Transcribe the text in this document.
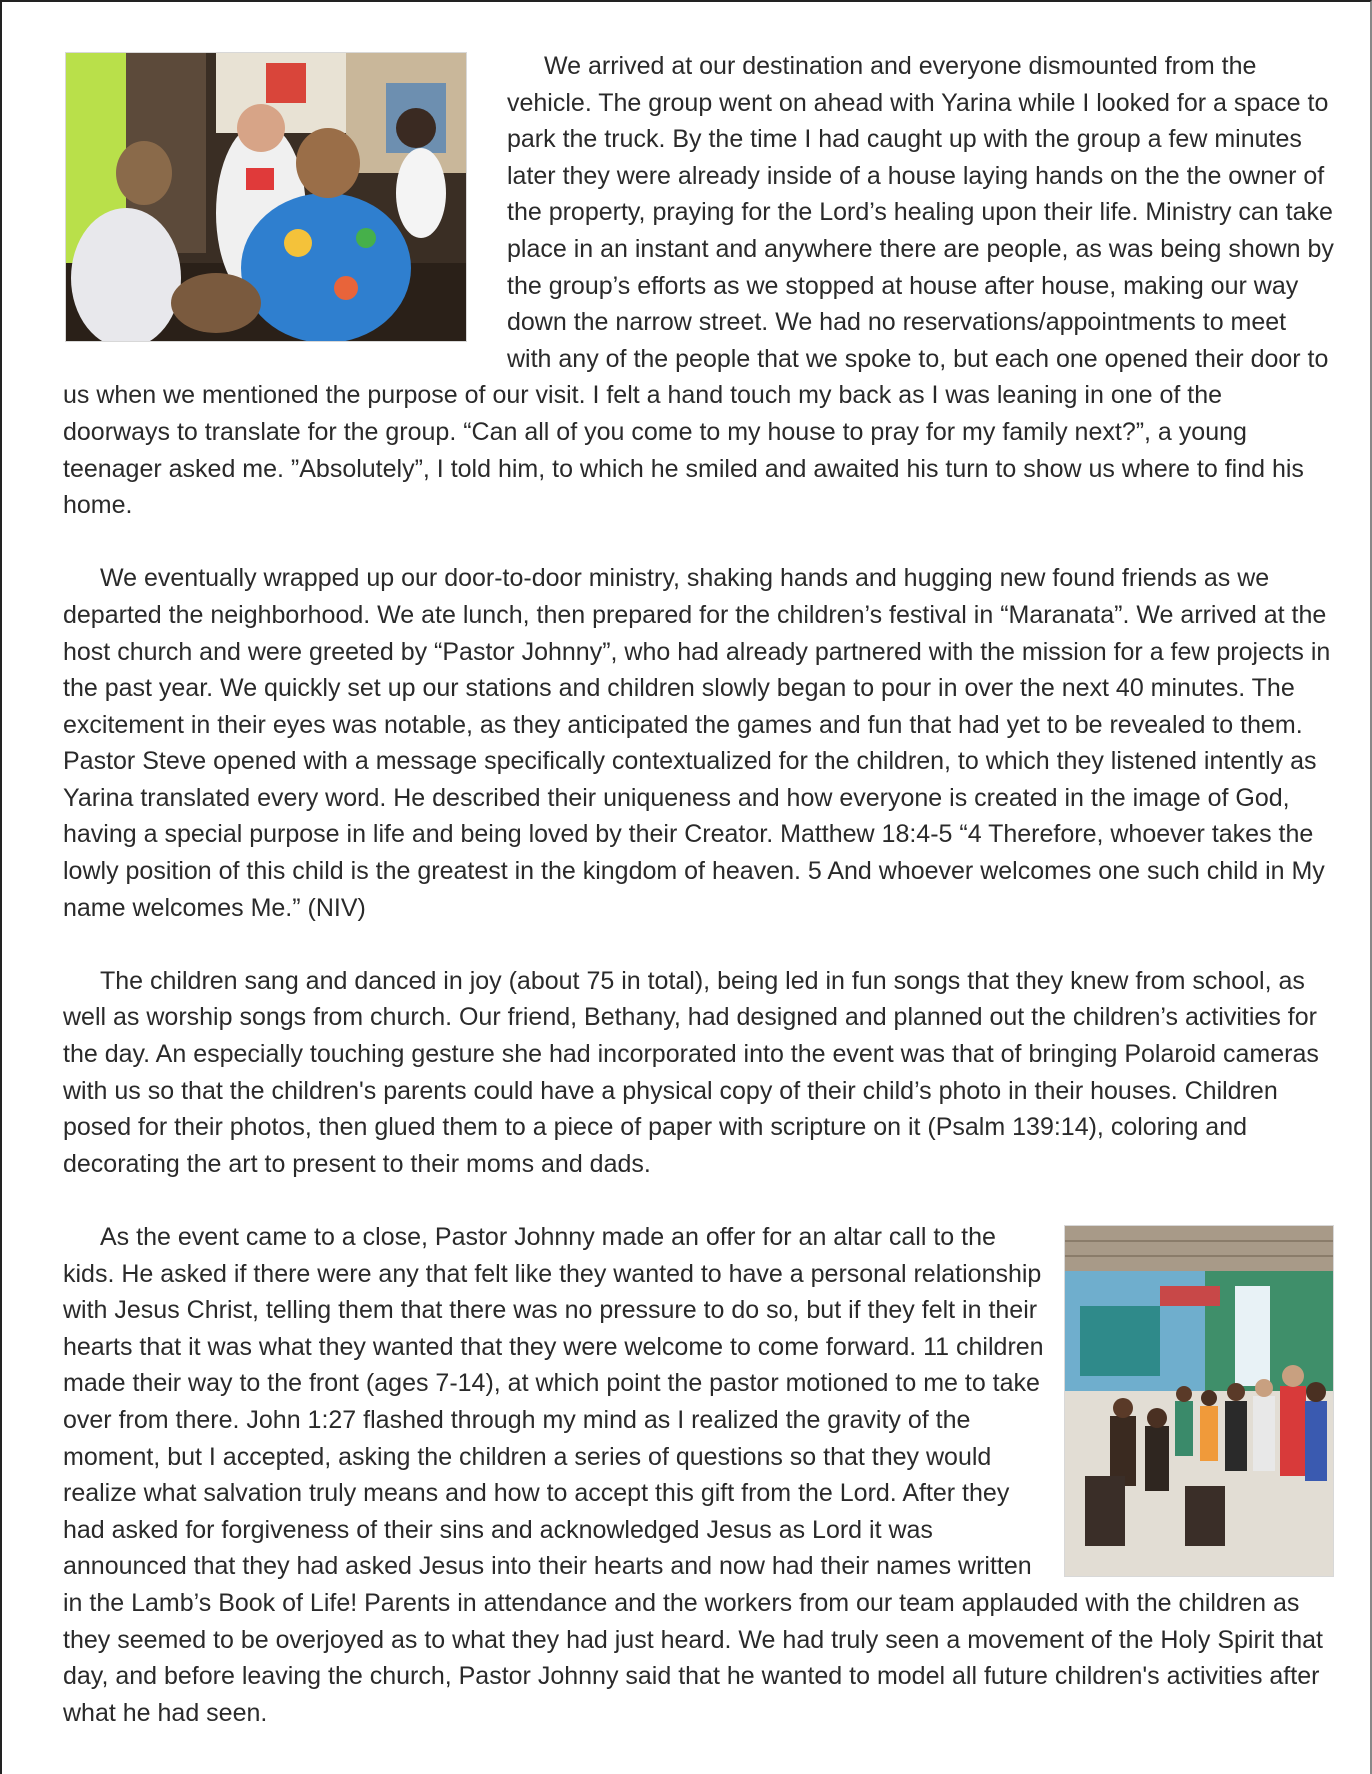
We arrived at our destination and everyone dismounted from the vehicle. The group went on ahead with Yarina while I looked for a space to park the truck. By the time I had caught up with the group a few minutes later they were already inside of a house laying hands on the the owner of the property, praying for the Lord’s healing upon their life. Ministry can take place in an instant and anywhere there are people, as was being shown by the group’s efforts as we stopped at house after house, making our way down the narrow street. We had no reservations/appointments to meet with any of the people that we spoke to, but each one opened their door to us when we mentioned the purpose of our visit. I felt a hand touch my back as I was leaning in one of the doorways to translate for the group. “Can all of you come to my house to pray for my family next?”, a young teenager asked me. ”Absolutely”, I told him, to which he smiled and awaited his turn to show us where to find his home.

We eventually wrapped up our door-to-door ministry, shaking hands and hugging new found friends as we departed the neighborhood. We ate lunch, then prepared for the children’s festival in “Maranata”. We arrived at the host church and were greeted by “Pastor Johnny”, who had already partnered with the mission for a few projects in the past year. We quickly set up our stations and children slowly began to pour in over the next 40 minutes. The excitement in their eyes was notable, as they anticipated the games and fun that had yet to be revealed to them. Pastor Steve opened with a message specifically contextualized for the children, to which they listened intently as Yarina translated every word. He described their uniqueness and how everyone is created in the image of God, having a special purpose in life and being loved by their Creator. Matthew 18:4-5 “4 Therefore, whoever takes the lowly position of this child is the greatest in the kingdom of heaven. 5 And whoever welcomes one such child in My name welcomes Me.” (NIV)

The children sang and danced in joy (about 75 in total), being led in fun songs that they knew from school, as well as worship songs from church. Our friend, Bethany, had designed and planned out the children’s activities for the day. An especially touching gesture she had incorporated into the event was that of bringing Polaroid cameras with us so that the children's parents could have a physical copy of their child’s photo in their houses. Children posed for their photos, then glued them to a piece of paper with scripture on it (Psalm 139:14), coloring and decorating the art to present to their moms and dads.

As the event came to a close, Pastor Johnny made an offer for an altar call to the kids. He asked if there were any that felt like they wanted to have a personal relationship with Jesus Christ, telling them that there was no pressure to do so, but if they felt in their hearts that it was what they wanted that they were welcome to come forward. 11 children made their way to the front (ages 7-14), at which point the pastor motioned to me to take over from there. John 1:27 flashed through my mind as I realized the gravity of the moment, but I accepted, asking the children a series of questions so that they would realize what salvation truly means and how to accept this gift from the Lord. After they had asked for forgiveness of their sins and acknowledged Jesus as Lord it was announced that they had asked Jesus into their hearts and now had their names written in the Lamb’s Book of Life! Parents in attendance and the workers from our team applauded with the children as they seemed to be overjoyed as to what they had just heard. We had truly seen a movement of the Holy Spirit that day, and before leaving the church, Pastor Johnny said that he wanted to model all future children's activities after what he had seen.
